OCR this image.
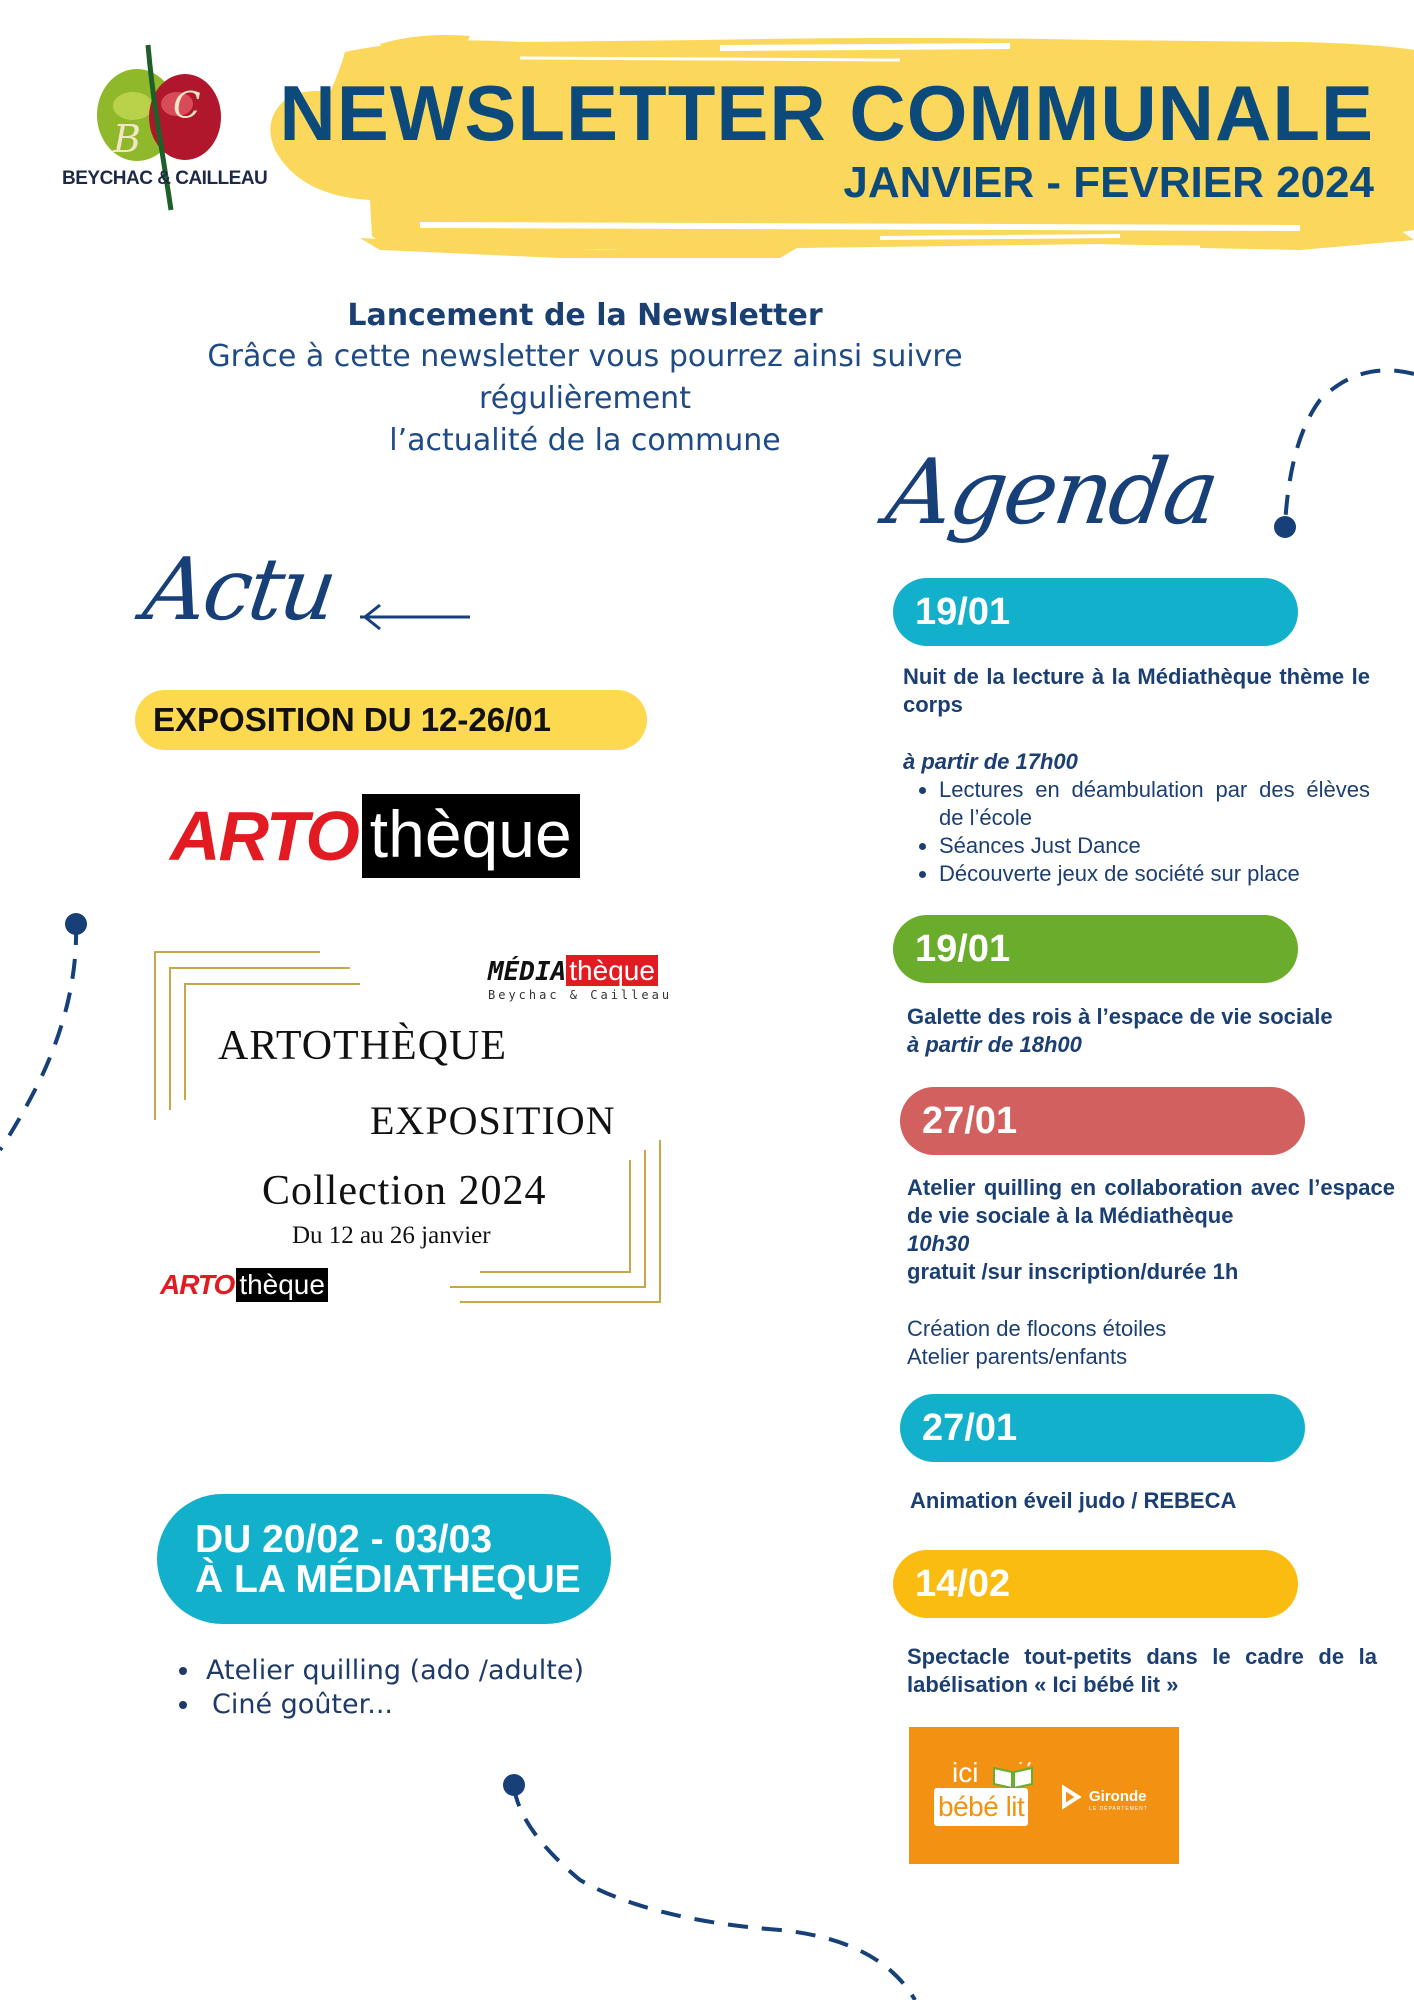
B
C
BEYCHAC & CAILLEAU
NEWSLETTER COMMUNALE
JANVIER - FEVRIER 2024
Lancement de la Newsletter
Grâce à cette newsletter vous pourrez ainsi suivre régulièrement
l’actualité de la commune	Agenda
Actu
EXPOSITION DU 12-26/01
ARTO thèque
MÉDIA thèque
Beychac & Cailleau
ARTOTHÈQUE
EXPOSITION
Collection 2024
Du 12 au 26 janvier
ARTO thèque
DU 20/02 - 03/03
À LA MÉDIATHEQUE
• Atelier quilling (ado /adulte)
• Ciné goûter...
19/01
Nuit de la lecture à la Médiathèque thème le corps
à partir de 17h00
• Lectures en déambulation par des élèves de l’école
• Séances Just Dance
• Découverte jeux de société sur place
19/01
Galette des rois à l’espace de vie sociale
à partir de 18h00
27/01
Atelier quilling en collaboration avec l’espace de vie sociale à la Médiathèque
10h30
gratuit /sur inscription/durée 1h
Création de flocons étoiles
Atelier parents/enfants
27/01
Animation éveil judo / REBECA
14/02
Spectacle tout-petits dans le cadre de la labélisation « Ici bébé lit »
ici
bébé lit	Gironde
LE DÉPARTEMENT
